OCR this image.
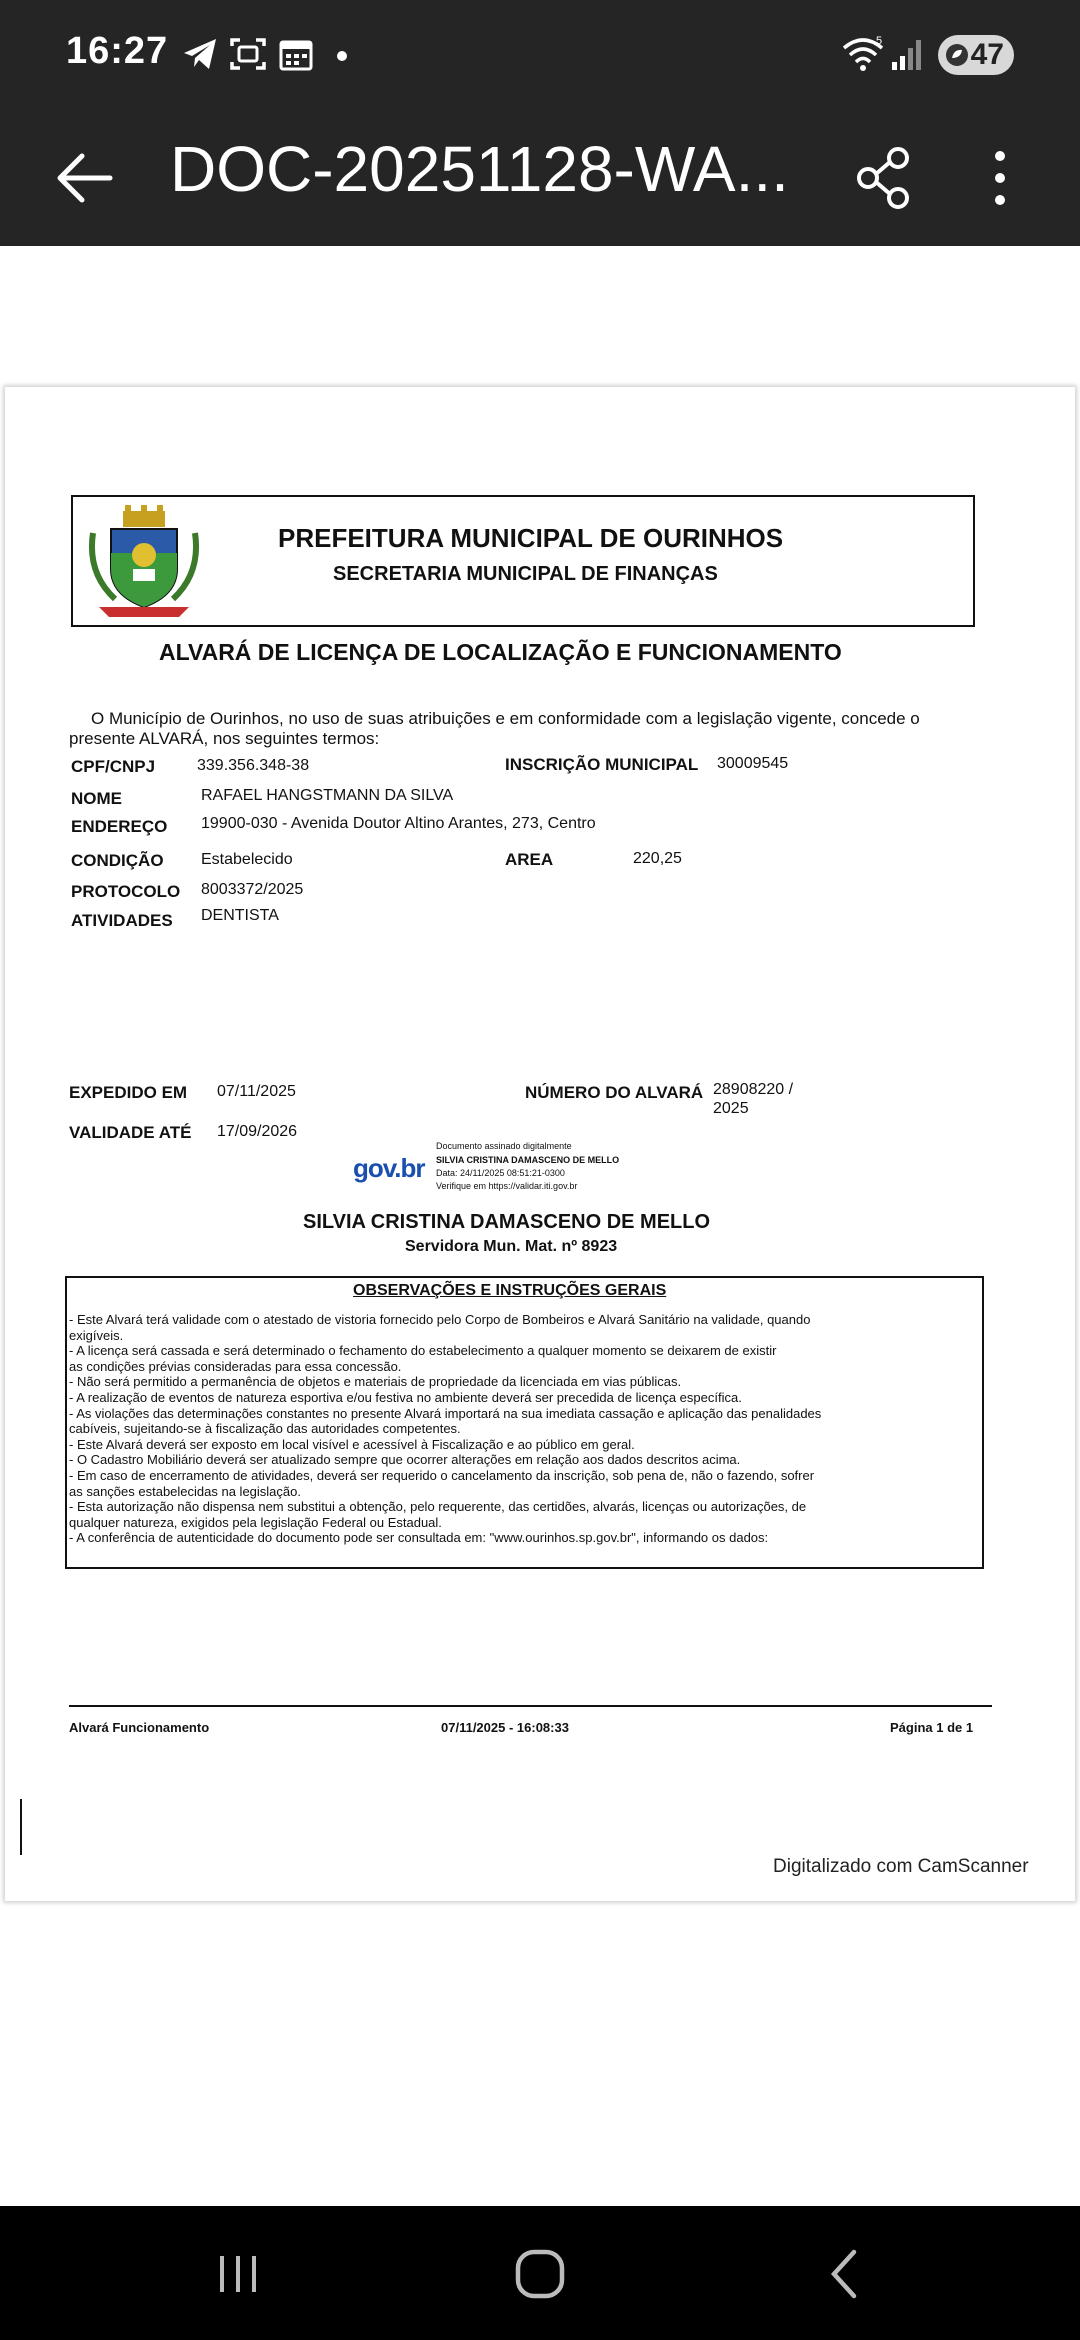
16:27	5	47
DOC-20251128-WA...
PREFEITURA MUNICIPAL DE OURINHOS
SECRETARIA MUNICIPAL DE FINANÇAS
ALVARÁ DE LICENÇA DE LOCALIZAÇÃO E FUNCIONAMENTO
O Município de Ourinhos, no uso de suas atribuições e em conformidade com a legislação vigente, concede o presente ALVARÁ, nos seguintes termos:
CPF/CNPJ	339.356.348-38	INSCRIÇÃO MUNICIPAL 30009545
NOME	RAFAEL HANGSTMANN DA SILVA
ENDEREÇO 19900-030 - Avenida Doutor Altino Arantes, 273, Centro
CONDIÇÃO Estabelecido	AREA	220,25
PROTOCOLO 8003372/2025
ATIVIDADES DENTISTA
EXPEDIDO EM 07/11/2025	NÚMERO DO ALVARÁ 28908220 /
2025
VALIDADE ATÉ 17/09/2026
gov.br
Documento assinado digitalmente
SILVIA CRISTINA DAMASCENO DE MELLO
Data: 24/11/2025 08:51:21-0300
Verifique em https://validar.iti.gov.br
SILVIA CRISTINA DAMASCENO DE MELLO
Servidora Mun. Mat. nº 8923
OBSERVAÇÕES E INSTRUÇÕES GERAIS
- Este Alvará terá validade com o atestado de vistoria fornecido pelo Corpo de Bombeiros e Alvará Sanitário na validade, quando
exigíveis.
- A licença será cassada e será determinado o fechamento do estabelecimento a qualquer momento se deixarem de existir
as condições prévias consideradas para essa concessão.
- Não será permitido a permanência de objetos e materiais de propriedade da licenciada em vias públicas.
- A realização de eventos de natureza esportiva e/ou festiva no ambiente deverá ser precedida de licença específica.
- As violações das determinações constantes no presente Alvará importará na sua imediata cassação e aplicação das penalidades
cabíveis, sujeitando-se à fiscalização das autoridades competentes.
- Este Alvará deverá ser exposto em local visível e acessível à Fiscalização e ao público em geral.
- O Cadastro Mobiliário deverá ser atualizado sempre que ocorrer alterações em relação aos dados descritos acima.
- Em caso de encerramento de atividades, deverá ser requerido o cancelamento da inscrição, sob pena de, não o fazendo, sofrer
as sanções estabelecidas na legislação.
- Esta autorização não dispensa nem substitui a obtenção, pelo requerente, das certidões, alvarás, licenças ou autorizações, de
qualquer natureza, exigidos pela legislação Federal ou Estadual.
- A conferência de autenticidade do documento pode ser consultada em: "www.ourinhos.sp.gov.br", informando os dados:
Alvará Funcionamento	07/11/2025 - 16:08:33	Página 1 de 1
Digitalizado com CamScanner
